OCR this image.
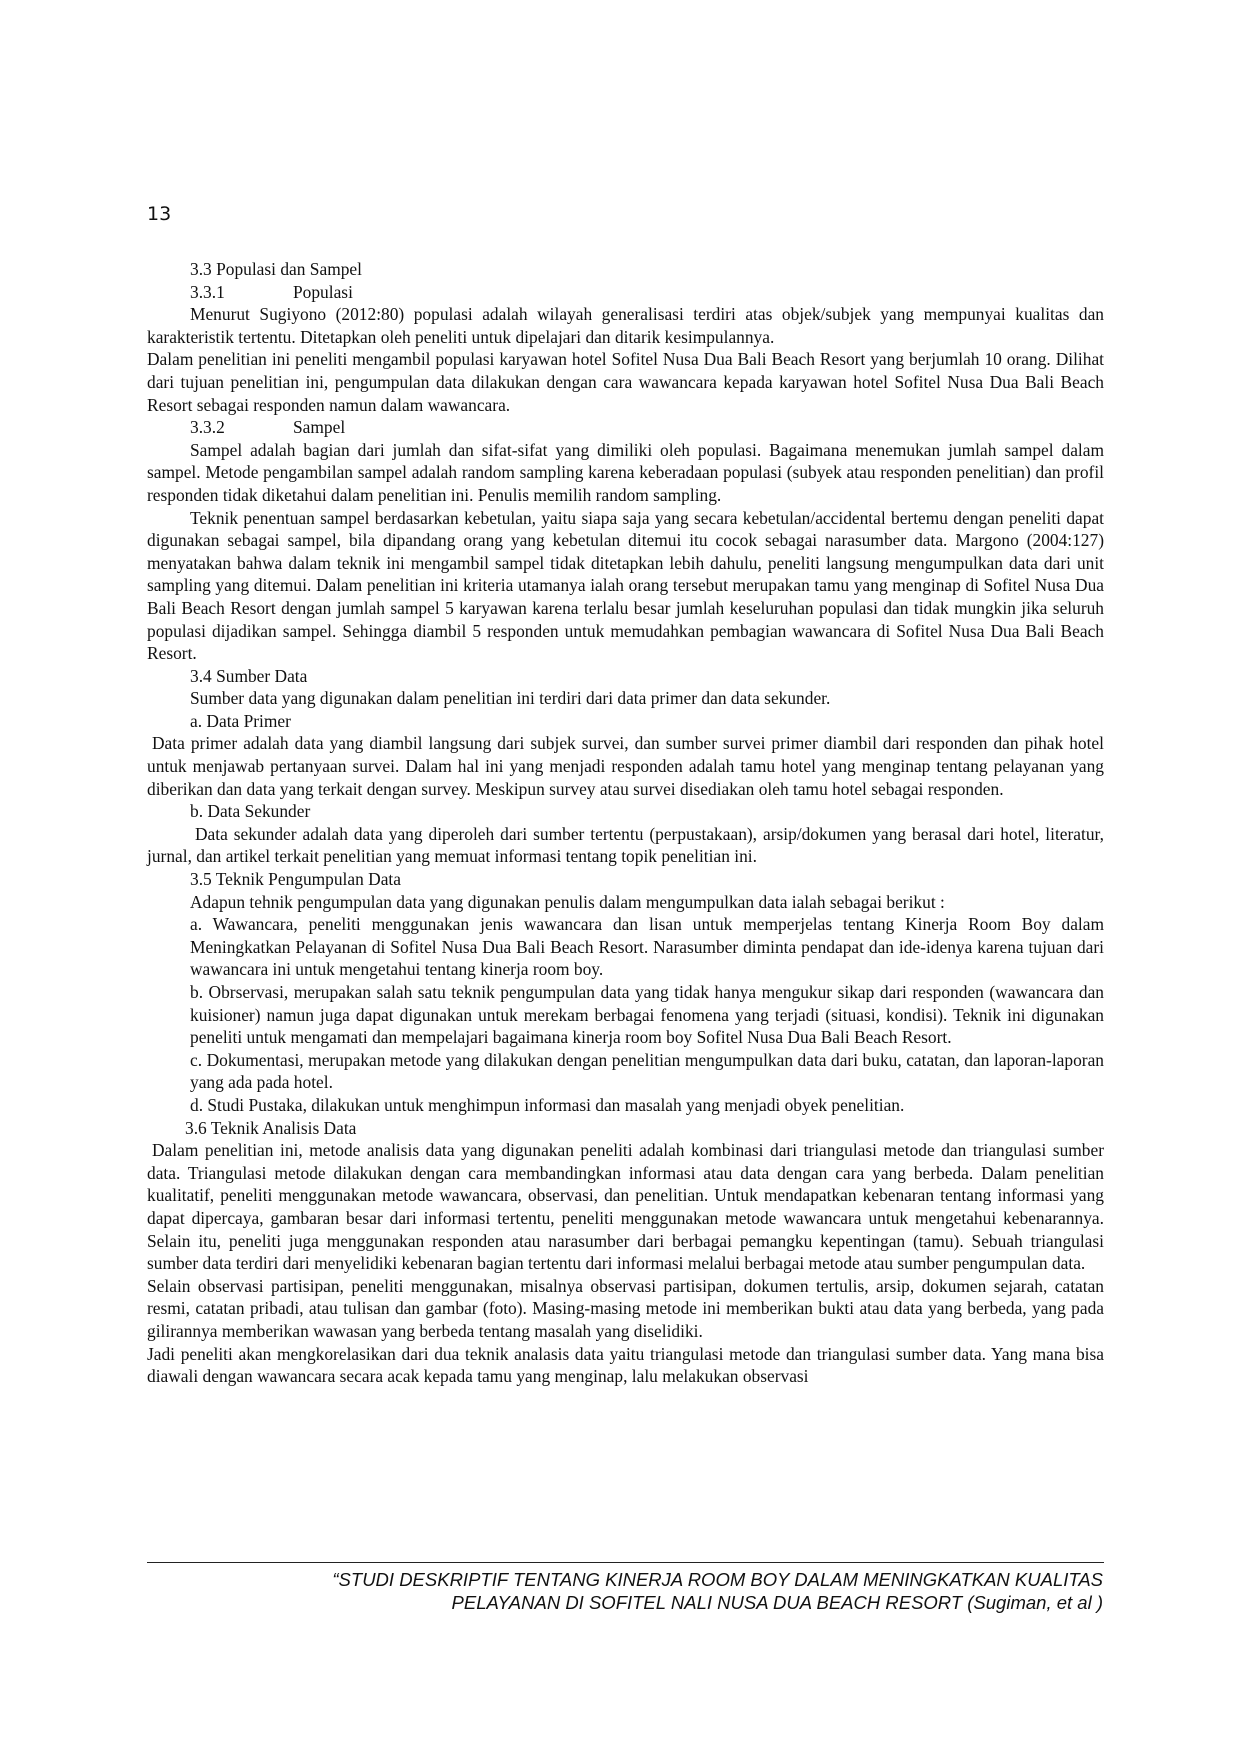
13
3.3 Populasi dan Sampel
3.3.1	Populasi

Menurut Sugiyono (2012:80) populasi adalah wilayah generalisasi terdiri atas objek/subjek yang mempunyai kualitas dan karakteristik tertentu. Ditetapkan oleh peneliti untuk dipelajari dan ditarik kesimpulannya.

Dalam penelitian ini peneliti mengambil populasi karyawan hotel Sofitel Nusa Dua Bali Beach Resort yang berjumlah 10 orang. Dilihat dari tujuan penelitian ini, pengumpulan data dilakukan dengan cara wawancara kepada karyawan hotel Sofitel Nusa Dua Bali Beach Resort sebagai responden namun dalam wawancara.

3.3.2	Sampel

Sampel adalah bagian dari jumlah dan sifat-sifat yang dimiliki oleh populasi. Bagaimana menemukan jumlah sampel dalam sampel. Metode pengambilan sampel adalah random sampling karena keberadaan populasi (subyek atau responden penelitian) dan profil responden tidak diketahui dalam penelitian ini. Penulis memilih random sampling.

Teknik penentuan sampel berdasarkan kebetulan, yaitu siapa saja yang secara kebetulan/accidental bertemu dengan peneliti dapat digunakan sebagai sampel, bila dipandang orang yang kebetulan ditemui itu cocok sebagai narasumber data. Margono (2004:127) menyatakan bahwa dalam teknik ini mengambil sampel tidak ditetapkan lebih dahulu, peneliti langsung mengumpulkan data dari unit sampling yang ditemui. Dalam penelitian ini kriteria utamanya ialah orang tersebut merupakan tamu yang menginap di Sofitel Nusa Dua Bali Beach Resort dengan jumlah sampel 5 karyawan karena terlalu besar jumlah keseluruhan populasi dan tidak mungkin jika seluruh populasi dijadikan sampel. Sehingga diambil 5 responden untuk memudahkan pembagian wawancara di Sofitel Nusa Dua Bali Beach Resort.

3.4 Sumber Data

Sumber data yang digunakan dalam penelitian ini terdiri dari data primer dan data sekunder.

a. Data Primer

Data primer adalah data yang diambil langsung dari subjek survei, dan sumber survei primer diambil dari responden dan pihak hotel untuk menjawab pertanyaan survei. Dalam hal ini yang menjadi responden adalah tamu hotel yang menginap tentang pelayanan yang diberikan dan data yang terkait dengan survey. Meskipun survey atau survei disediakan oleh tamu hotel sebagai responden.

b. Data Sekunder

Data sekunder adalah data yang diperoleh dari sumber tertentu (perpustakaan), arsip/dokumen yang berasal dari hotel, literatur, jurnal, dan artikel terkait penelitian yang memuat informasi tentang topik penelitian ini.

3.5 Teknik Pengumpulan Data

Adapun tehnik pengumpulan data yang digunakan penulis dalam mengumpulkan data ialah sebagai berikut :

a. Wawancara, peneliti menggunakan jenis wawancara dan lisan untuk memperjelas tentang Kinerja Room Boy dalam Meningkatkan Pelayanan di Sofitel Nusa Dua Bali Beach Resort. Narasumber diminta pendapat dan ide-idenya karena tujuan dari wawancara ini untuk mengetahui tentang kinerja room boy.

b. Obrservasi, merupakan salah satu teknik pengumpulan data yang tidak hanya mengukur sikap dari responden (wawancara dan kuisioner) namun juga dapat digunakan untuk merekam berbagai fenomena yang terjadi (situasi, kondisi). Teknik ini digunakan peneliti untuk mengamati dan mempelajari bagaimana kinerja room boy Sofitel Nusa Dua Bali Beach Resort.

c. Dokumentasi, merupakan metode yang dilakukan dengan penelitian mengumpulkan data dari buku, catatan, dan laporan-laporan yang ada pada hotel.

d. Studi Pustaka, dilakukan untuk menghimpun informasi dan masalah yang menjadi obyek penelitian.

3.6 Teknik Analisis Data

Dalam penelitian ini, metode analisis data yang digunakan peneliti adalah kombinasi dari triangulasi metode dan triangulasi sumber data. Triangulasi metode dilakukan dengan cara membandingkan informasi atau data dengan cara yang berbeda. Dalam penelitian kualitatif, peneliti menggunakan metode wawancara, observasi, dan penelitian. Untuk mendapatkan kebenaran tentang informasi yang dapat dipercaya, gambaran besar dari informasi tertentu, peneliti menggunakan metode wawancara untuk mengetahui kebenarannya. Selain itu, peneliti juga menggunakan responden atau narasumber dari berbagai pemangku kepentingan (tamu). Sebuah triangulasi sumber data terdiri dari menyelidiki kebenaran bagian tertentu dari informasi melalui berbagai metode atau sumber pengumpulan data.

Selain observasi partisipan, peneliti menggunakan, misalnya observasi partisipan, dokumen tertulis, arsip, dokumen sejarah, catatan resmi, catatan pribadi, atau tulisan dan gambar (foto). Masing-masing metode ini memberikan bukti atau data yang berbeda, yang pada gilirannya memberikan wawasan yang berbeda tentang masalah yang diselidiki.

Jadi peneliti akan mengkorelasikan dari dua teknik analasis data yaitu triangulasi metode dan triangulasi sumber data. Yang mana bisa diawali dengan wawancara secara acak kepada tamu yang menginap, lalu melakukan observasi

“STUDI DESKRIPTIF TENTANG KINERJA ROOM BOY DALAM MENINGKATKAN KUALITAS
PELAYANAN DI SOFITEL NALI NUSA DUA BEACH RESORT (Sugiman, et al )
